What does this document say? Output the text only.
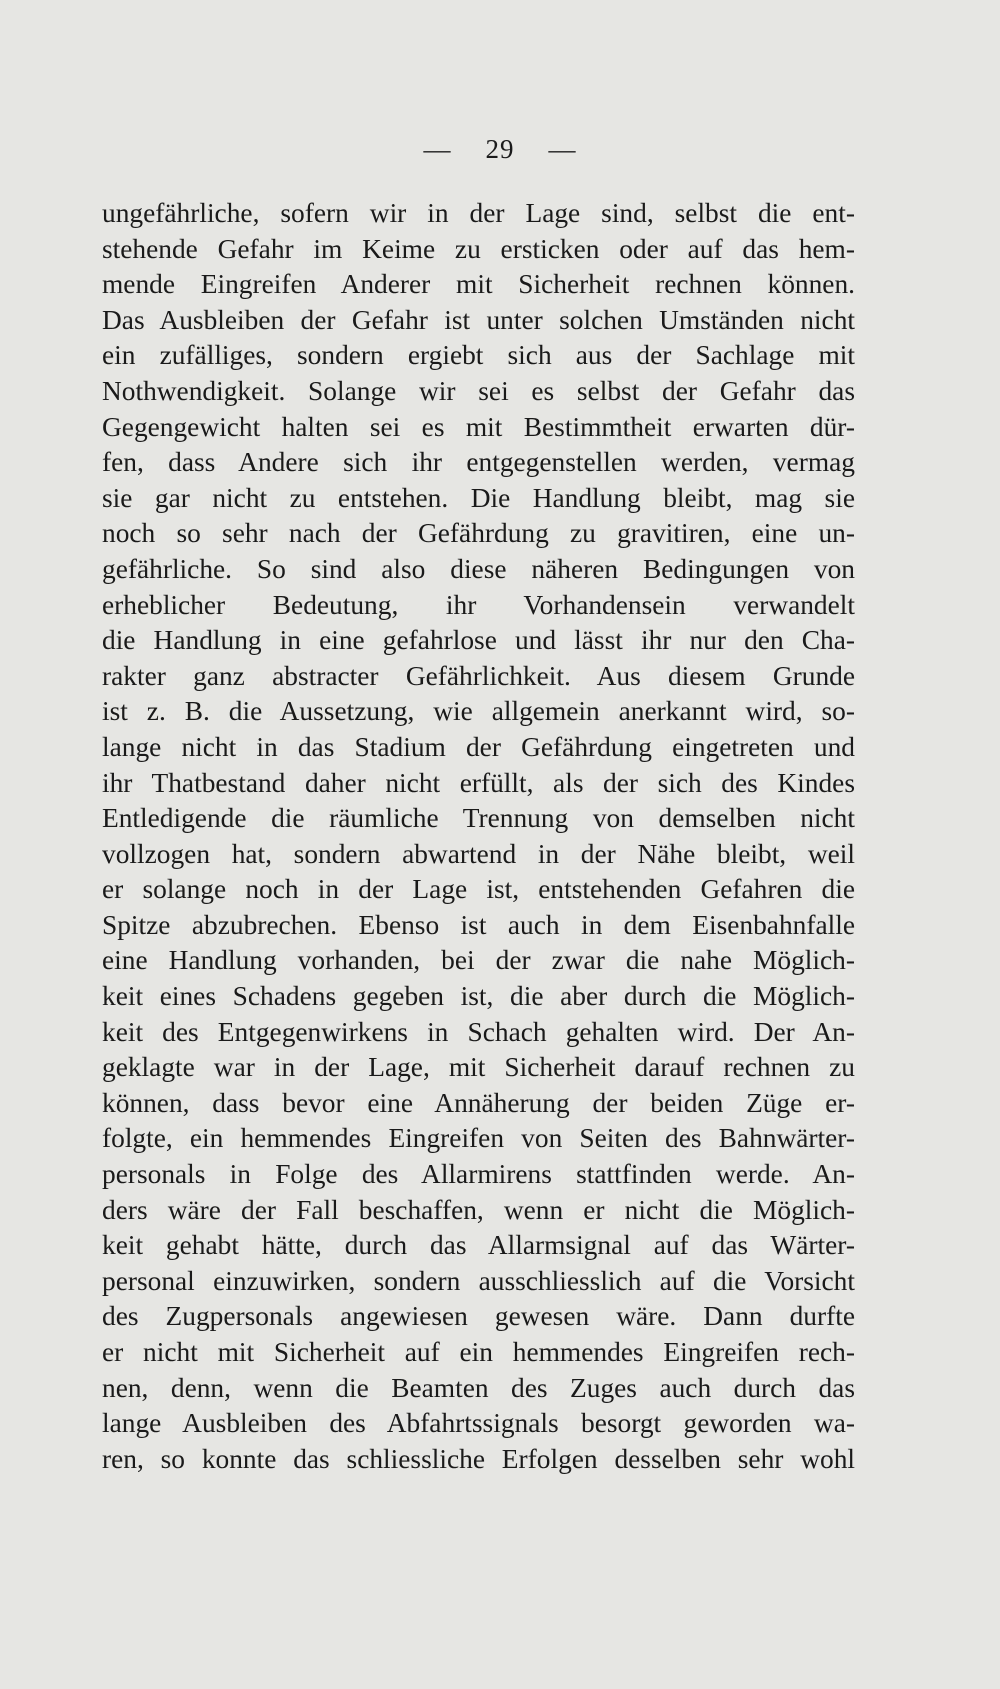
— 29 —
ungefährliche, sofern wir in der Lage sind, selbst die ent-
stehende Gefahr im Keime zu ersticken oder auf das hem-
mende Eingreifen Anderer mit Sicherheit rechnen können.
Das Ausbleiben der Gefahr ist unter solchen Umständen nicht
ein zufälliges, sondern ergiebt sich aus der Sachlage mit
Nothwendigkeit. Solange wir sei es selbst der Gefahr das
Gegengewicht halten sei es mit Bestimmtheit erwarten dür-
fen, dass Andere sich ihr entgegenstellen werden, vermag
sie gar nicht zu entstehen. Die Handlung bleibt, mag sie
noch so sehr nach der Gefährdung zu gravitiren, eine un-
gefährliche. So sind also diese näheren Bedingungen von
erheblicher Bedeutung, ihr Vorhandensein verwandelt
die Handlung in eine gefahrlose und lässt ihr nur den Cha-
rakter ganz abstracter Gefährlichkeit. Aus diesem Grunde
ist z. B. die Aussetzung, wie allgemein anerkannt wird, so-
lange nicht in das Stadium der Gefährdung eingetreten und
ihr Thatbestand daher nicht erfüllt, als der sich des Kindes
Entledigende die räumliche Trennung von demselben nicht
vollzogen hat, sondern abwartend in der Nähe bleibt, weil
er solange noch in der Lage ist, entstehenden Gefahren die
Spitze abzubrechen. Ebenso ist auch in dem Eisenbahnfalle
eine Handlung vorhanden, bei der zwar die nahe Möglich-
keit eines Schadens gegeben ist, die aber durch die Möglich-
keit des Entgegenwirkens in Schach gehalten wird. Der An-
geklagte war in der Lage, mit Sicherheit darauf rechnen zu
können, dass bevor eine Annäherung der beiden Züge er-
folgte, ein hemmendes Eingreifen von Seiten des Bahnwärter-
personals in Folge des Allarmirens stattfinden werde. An-
ders wäre der Fall beschaffen, wenn er nicht die Möglich-
keit gehabt hätte, durch das Allarmsignal auf das Wärter-
personal einzuwirken, sondern ausschliesslich auf die Vorsicht
des Zugpersonals angewiesen gewesen wäre. Dann durfte
er nicht mit Sicherheit auf ein hemmendes Eingreifen rech-
nen, denn, wenn die Beamten des Zuges auch durch das
lange Ausbleiben des Abfahrtssignals besorgt geworden wa-
ren, so konnte das schliessliche Erfolgen desselben sehr wohl
